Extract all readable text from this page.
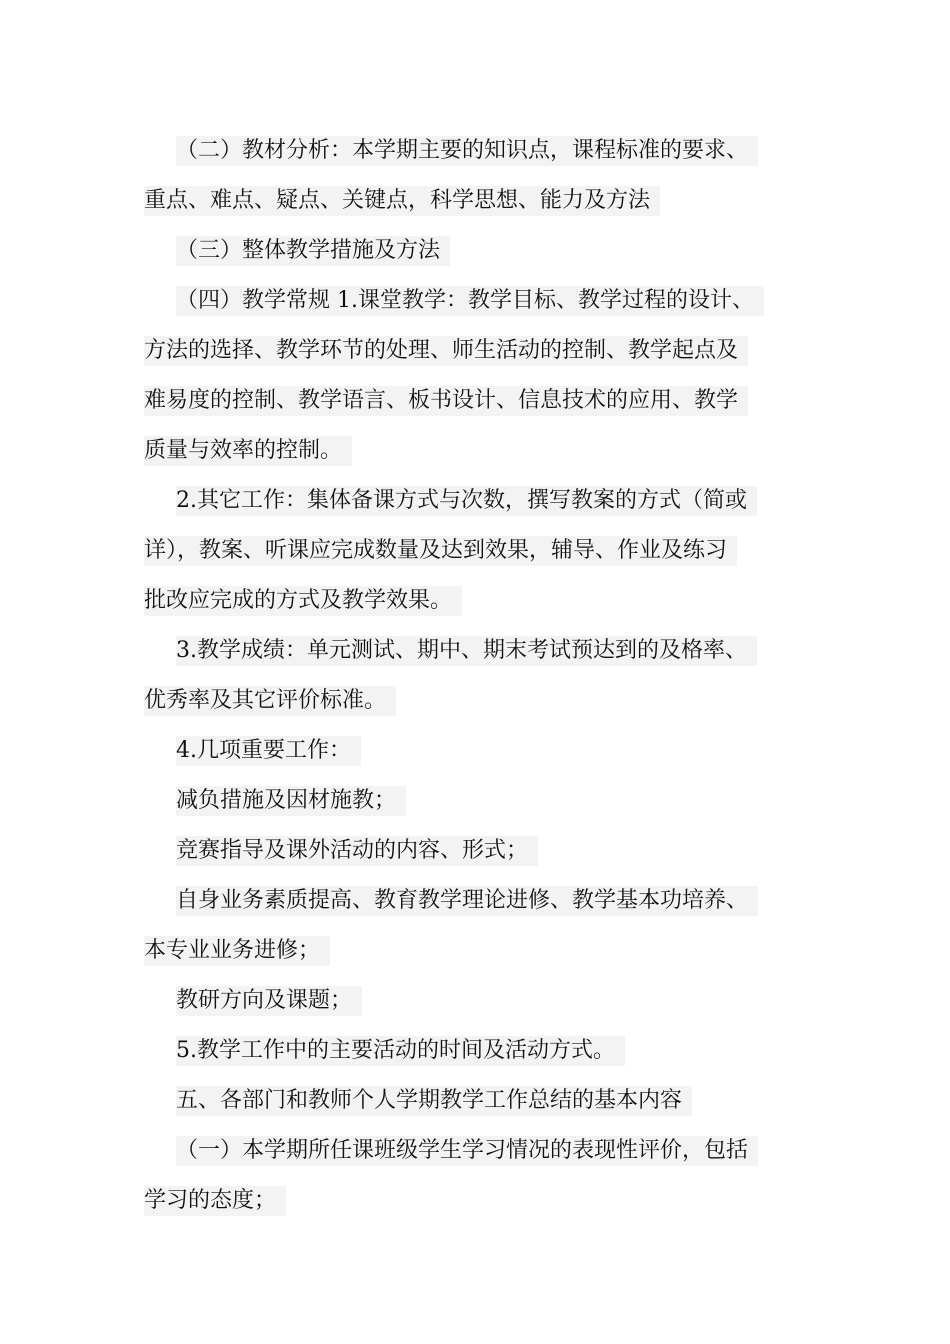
（二）教材分析：本学期主要的知识点，课程标准的要求、
重点、难点、疑点、关键点，科学思想、能力及方法
（三）整体教学措施及方法
（四）教学常规 1.课堂教学：教学目标、教学过程的设计、
方法的选择、教学环节的处理、师生活动的控制、教学起点及
难易度的控制、教学语言、板书设计、信息技术的应用、教学
质量与效率的控制。
2.其它工作：集体备课方式与次数，撰写教案的方式（简或
详），教案、听课应完成数量及达到效果，辅导、作业及练习
批改应完成的方式及教学效果。
3.教学成绩：单元测试、期中、期末考试预达到的及格率、
优秀率及其它评价标准。
4.几项重要工作：
减负措施及因材施教；
竞赛指导及课外活动的内容、形式；
自身业务素质提高、教育教学理论进修、教学基本功培养、
本专业业务进修；
教研方向及课题；
5.教学工作中的主要活动的时间及活动方式。
五、各部门和教师个人学期教学工作总结的基本内容
（一）本学期所任课班级学生学习情况的表现性评价，包括
学习的态度；
